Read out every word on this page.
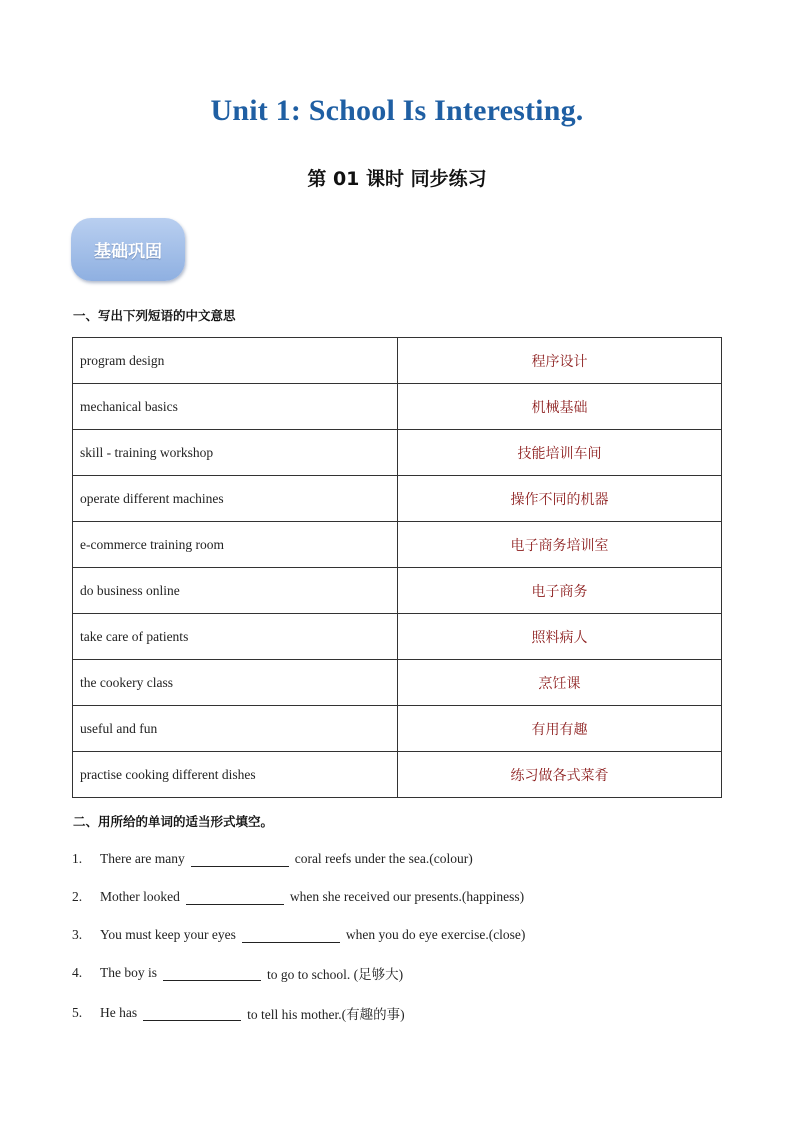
Unit 1: School Is Interesting.
第 01 课时 同步练习
基础巩固
一、写出下列短语的中文意思
program design	程序设计
mechanical basics	机械基础
skill - training workshop	技能培训车间
operate different machines	操作不同的机器
e-commerce training room	电子商务培训室
do business online	电子商务
take care of patients	照料病人
the cookery class	烹饪课
useful and fun	有用有趣
practise cooking different dishes	练习做各式菜肴
二、用所给的单词的适当形式填空。
1.	There are many	coral reefs under the sea.(colour)
2.	Mother looked	when she received our presents.(happiness)
3.	You must keep your eyes	when you do eye exercise.(close)
4.	The boy is	to go to school. (足够大)
5.	He has	to tell his mother.(有趣的事)
